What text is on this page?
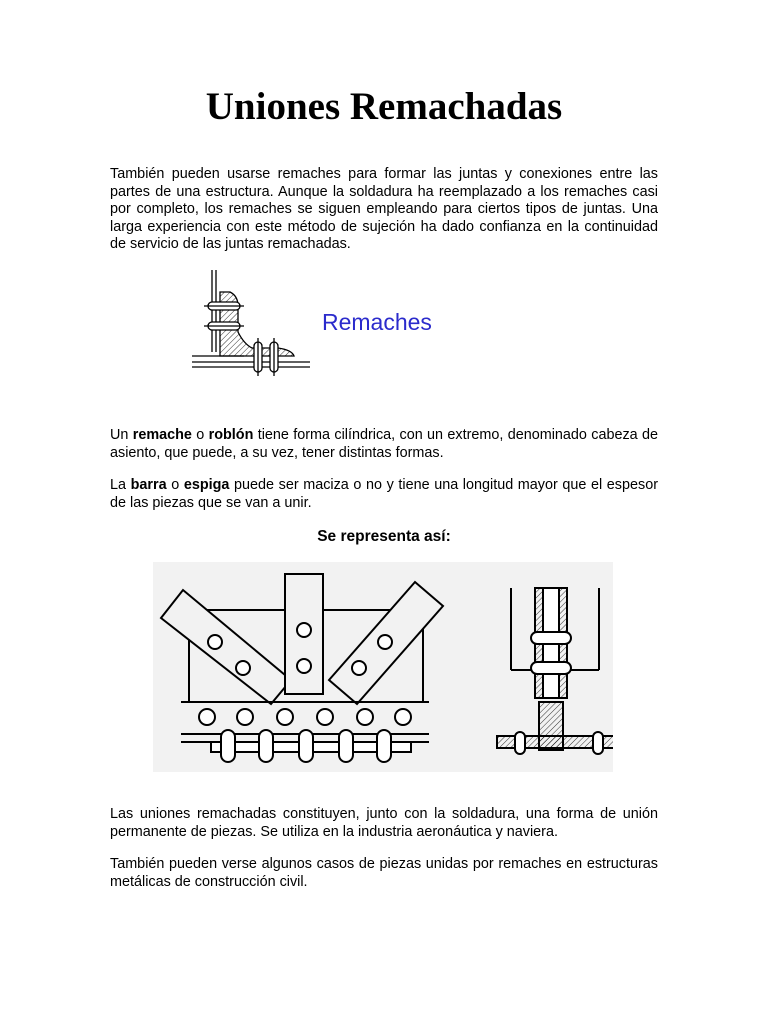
Uniones Remachadas

También pueden usarse remaches para formar las juntas y conexiones entre las partes de una estructura. Aunque la soldadura ha reemplazado a los remaches casi por completo, los remaches se siguen empleando para ciertos tipos de juntas. Una larga experiencia con este método de sujeción ha dado confianza en la continuidad de servicio de las juntas remachadas.

Remaches

Un remache o roblón tiene forma cilíndrica, con un extremo, denominado cabeza de asiento, que puede, a su vez, tener distintas formas.

La barra o espiga puede ser maciza o no y tiene una longitud mayor que el espesor de las piezas que se van a unir.

Se representa así:

Las uniones remachadas constituyen, junto con la soldadura, una forma de unión permanente de piezas. Se utiliza en la industria aeronáutica y naviera.

También pueden verse algunos casos de piezas unidas por remaches en estructuras metálicas de construcción civil.
